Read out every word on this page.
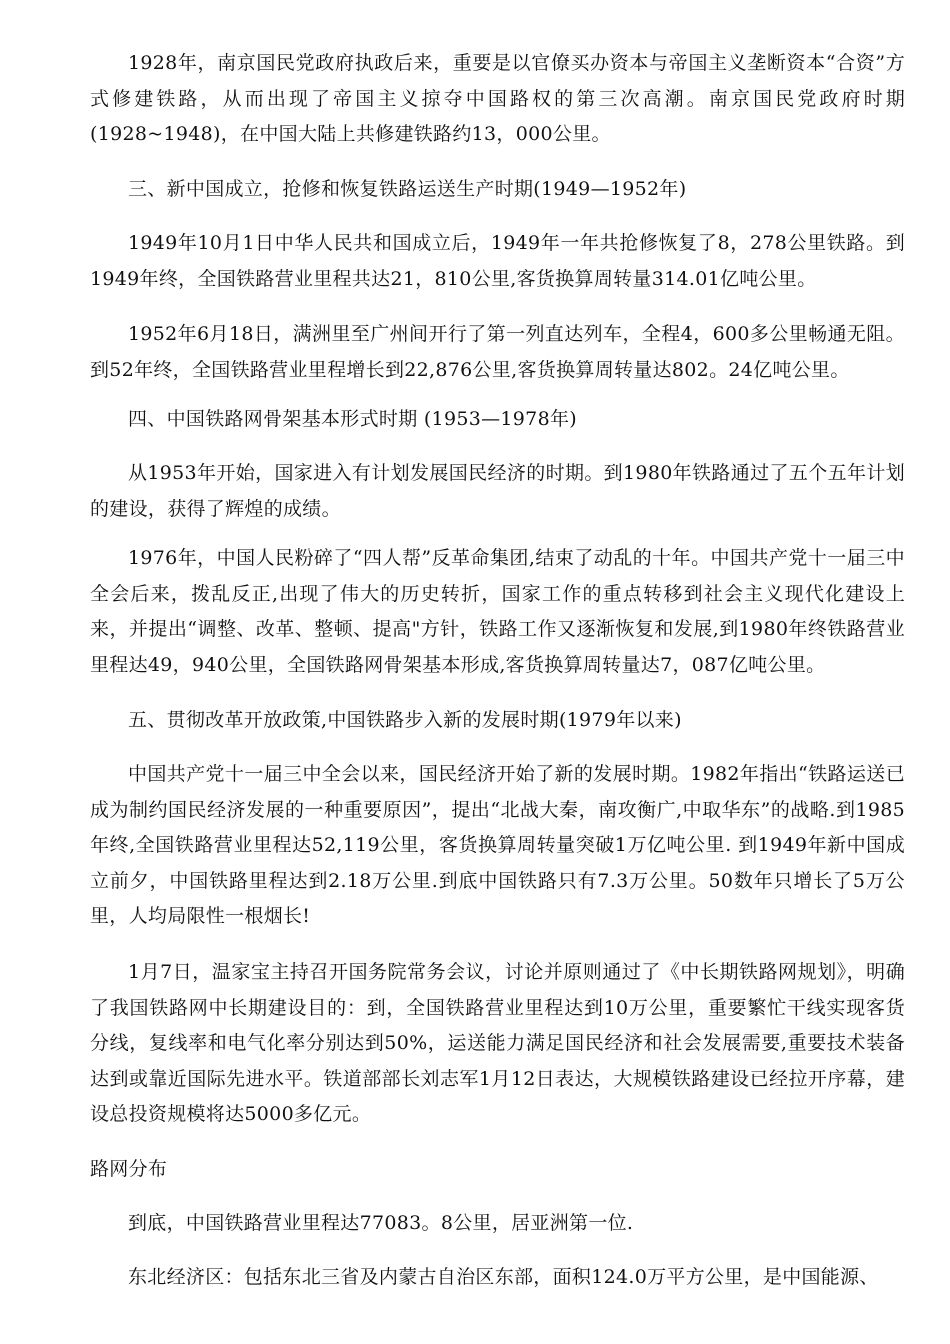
1928年，南京国民党政府执政后来，重要是以官僚买办资本与帝国主义垄断资本“合资”方式修建铁路，从而出现了帝国主义掠夺中国路权的第三次高潮。南京国民党政府时期(1928~1948)，在中国大陆上共修建铁路约13，000公里。

三、新中国成立，抢修和恢复铁路运送生产时期(1949—1952年)

1949年10月1日中华人民共和国成立后，1949年一年共抢修恢复了8，278公里铁路。到1949年终，全国铁路营业里程共达21，810公里,客货换算周转量314.01亿吨公里。

1952年6月18日，满洲里至广州间开行了第一列直达列车，全程4，600多公里畅通无阻。到52年终，全国铁路营业里程增长到22,876公里,客货换算周转量达802。24亿吨公里。

四、中国铁路网骨架基本形式时期 (1953—1978年)

从1953年开始，国家进入有计划发展国民经济的时期。到1980年铁路通过了五个五年计划的建设，获得了辉煌的成绩。

1976年，中国人民粉碎了“四人帮”反革命集团,结束了动乱的十年。中国共产党十一届三中全会后来，拨乱反正,出现了伟大的历史转折，国家工作的重点转移到社会主义现代化建设上来，并提出“调整、改革、整顿、提高"方针，铁路工作又逐渐恢复和发展,到1980年终铁路营业里程达49，940公里，全国铁路网骨架基本形成,客货换算周转量达7，087亿吨公里。

五、贯彻改革开放政策,中国铁路步入新的发展时期(1979年以来)

中国共产党十一届三中全会以来，国民经济开始了新的发展时期。1982年指出“铁路运送已成为制约国民经济发展的一种重要原因”，提出“北战大秦，南攻衡广,中取华东”的战略.到1985年终,全国铁路营业里程达52,119公里，客货换算周转量突破1万亿吨公里. 到1949年新中国成立前夕，中国铁路里程达到2.18万公里.到底中国铁路只有7.3万公里。50数年只增长了5万公里，人均局限性一根烟长!

1月7日，温家宝主持召开国务院常务会议，讨论并原则通过了《中长期铁路网规划》，明确了我国铁路网中长期建设目的：到，全国铁路营业里程达到10万公里，重要繁忙干线实现客货分线，复线率和电气化率分别达到50%，运送能力满足国民经济和社会发展需要,重要技术装备达到或靠近国际先进水平。铁道部部长刘志军1月12日表达，大规模铁路建设已经拉开序幕，建设总投资规模将达5000多亿元。

路网分布

到底，中国铁路营业里程达77083。8公里，居亚洲第一位.

东北经济区：包括东北三省及内蒙古自治区东部，面积124.0万平方公里，是中国能源、
